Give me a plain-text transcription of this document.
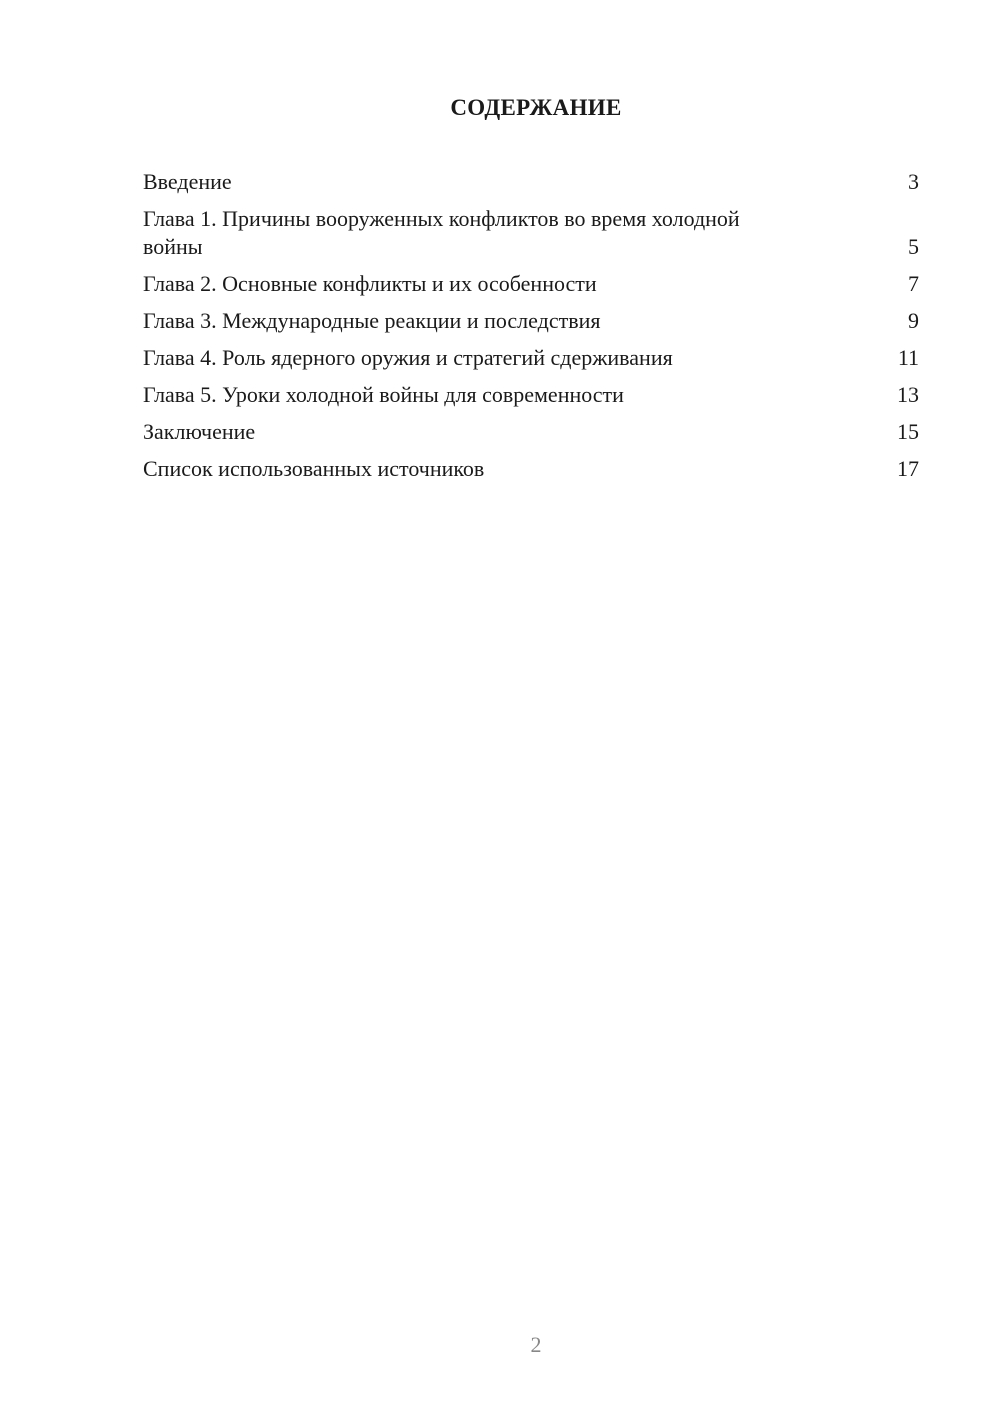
СОДЕРЖАНИЕ
Введение	3
Глава 1. Причины вооруженных конфликтов во время холодной войны	5
Глава 2. Основные конфликты и их особенности	7
Глава 3. Международные реакции и последствия	9
Глава 4. Роль ядерного оружия и стратегий сдерживания	11
Глава 5. Уроки холодной войны для современности	13
Заключение	15
Список использованных источников	17
2
